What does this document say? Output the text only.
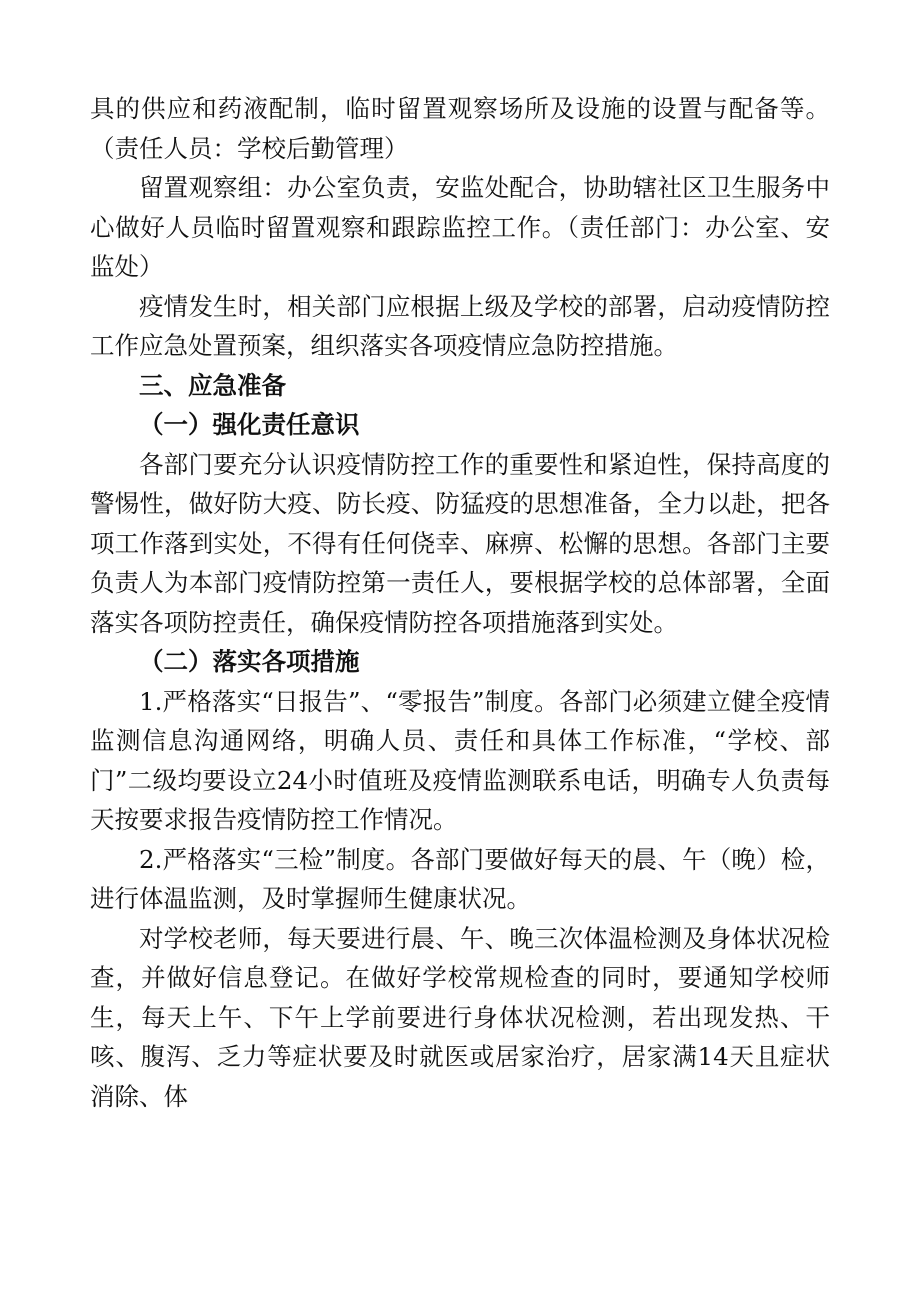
具的供应和药液配制，临时留置观察场所及设施的设置与配备等。（责任人员：学校后勤管理）

留置观察组：办公室负责，安监处配合，协助辖社区卫生服务中心做好人员临时留置观察和跟踪监控工作。（责任部门：办公室、安监处）

疫情发生时，相关部门应根据上级及学校的部署，启动疫情防控工作应急处置预案，组织落实各项疫情应急防控措施。

三、应急准备

（一）强化责任意识

各部门要充分认识疫情防控工作的重要性和紧迫性，保持高度的警惕性，做好防大疫、防长疫、防猛疫的思想准备，全力以赴，把各项工作落到实处，不得有任何侥幸、麻痹、松懈的思想。各部门主要负责人为本部门疫情防控第一责任人，要根据学校的总体部署，全面落实各项防控责任，确保疫情防控各项措施落到实处。

（二）落实各项措施

1.严格落实“日报告”、“零报告”制度。各部门必须建立健全疫情监测信息沟通网络，明确人员、责任和具体工作标准，“学校、部门”二级均要设立24小时值班及疫情监测联系电话，明确专人负责每天按要求报告疫情防控工作情况。

2.严格落实“三检”制度。各部门要做好每天的晨、午（晚）检，进行体温监测，及时掌握师生健康状况。

对学校老师，每天要进行晨、午、晚三次体温检测及身体状况检查，并做好信息登记。在做好学校常规检查的同时，要通知学校师生，每天上午、下午上学前要进行身体状况检测，若出现发热、干咳、腹泻、乏力等症状要及时就医或居家治疗，居家满14天且症状消除、体
